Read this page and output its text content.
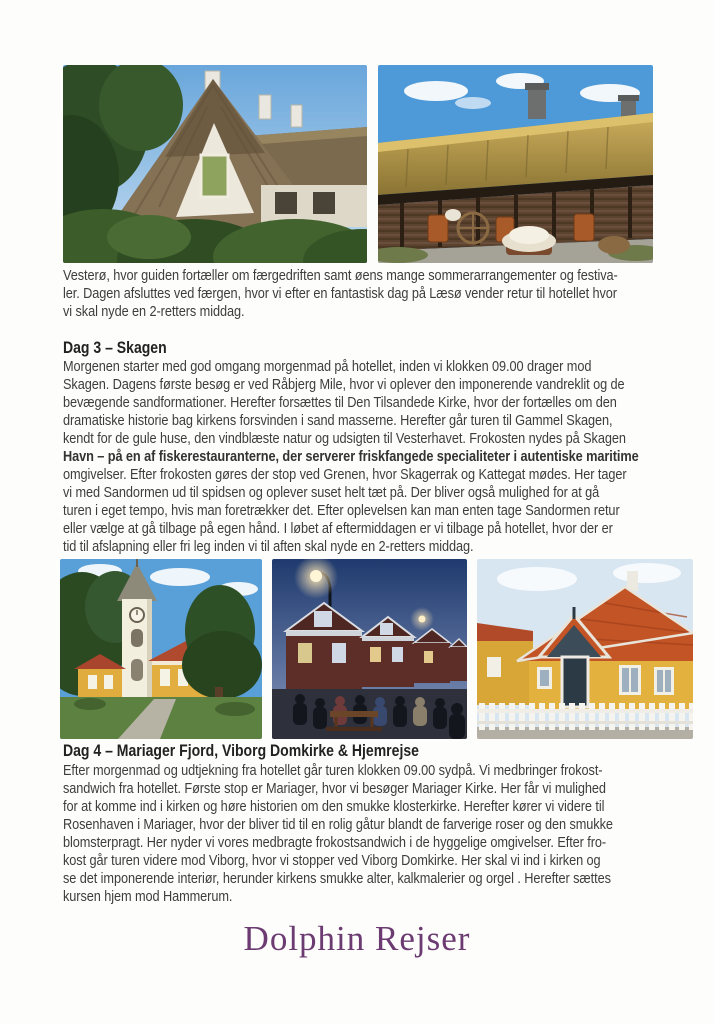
Vesterø, hvor guiden fortæller om færgedriften samt øens mange sommerarrangementer og festiva-
ler. Dagen afsluttes ved færgen, hvor vi efter en fantastisk dag på Læsø vender retur til hotellet hvor
vi skal nyde en 2-retters middag.
Dag 3 – Skagen
Morgenen starter med god omgang morgenmad på hotellet, inden vi klokken 09.00 drager mod
Skagen. Dagens første besøg er ved Råbjerg Mile, hvor vi oplever den imponerende vandreklit og de
bevægende sandformationer. Herefter forsættes til Den Tilsandede Kirke, hvor der fortælles om den
dramatiske historie bag kirkens forsvinden i sand masserne. Herefter går turen til Gammel Skagen,
kendt for de gule huse, den vindblæste natur og udsigten til Vesterhavet. Frokosten nydes på Skagen
Havn – på en af fiskerestauranterne, der serverer friskfangede specialiteter i autentiske maritime
omgivelser. Efter frokosten gøres der stop ved Grenen, hvor Skagerrak og Kattegat mødes. Her tager
vi med Sandormen ud til spidsen og oplever suset helt tæt på. Der bliver også mulighed for at gå
turen i eget tempo, hvis man foretrækker det. Efter oplevelsen kan man enten tage Sandormen retur
eller vælge at gå tilbage på egen hånd. I løbet af eftermiddagen er vi tilbage på hotellet, hvor der er
tid til afslapning eller fri leg inden vi til aften skal nyde en 2-retters middag.
Dag 4 – Mariager Fjord, Viborg Domkirke & Hjemrejse
Efter morgenmad og udtjekning fra hotellet går turen klokken 09.00 sydpå. Vi medbringer frokost-
sandwich fra hotellet. Første stop er Mariager, hvor vi besøger Mariager Kirke. Her får vi mulighed
for at komme ind i kirken og høre historien om den smukke klosterkirke. Herefter kører vi videre til
Rosenhaven i Mariager, hvor der bliver tid til en rolig gåtur blandt de farverige roser og den smukke
blomsterpragt. Her nyder vi vores medbragte frokostsandwich i de hyggelige omgivelser. Efter fro-
kost går turen videre mod Viborg, hvor vi stopper ved Viborg Domkirke. Her skal vi ind i kirken og
se det imponerende interiør, herunder kirkens smukke alter, kalkmalerier og orgel . Herefter sættes
kursen hjem mod Hammerum.
Dolphin Rejser
